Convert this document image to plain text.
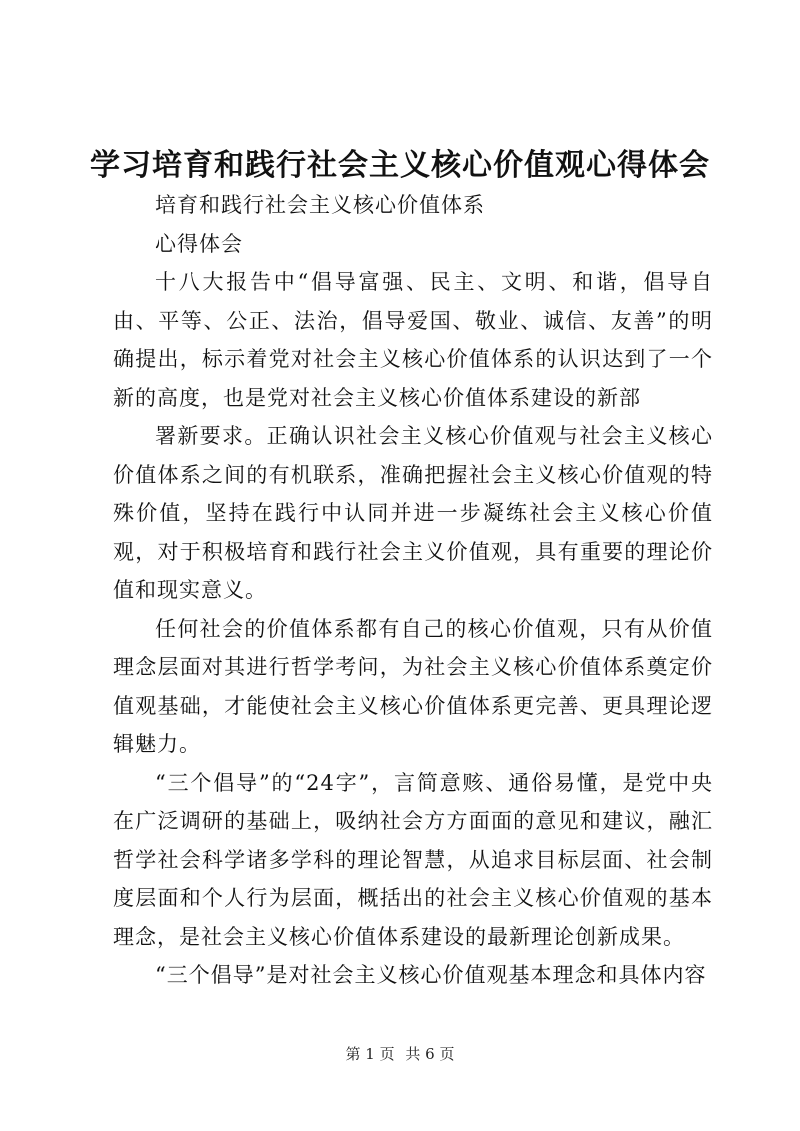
学习培育和践行社会主义核心价值观心得体会

培育和践行社会主义核心价值体系

心得体会

十八大报告中“倡导富强、民主、文明、和谐，倡导自由、平等、公正、法治，倡导爱国、敬业、诚信、友善”的明确提出，标示着党对社会主义核心价值体系的认识达到了一个新的高度，也是党对社会主义核心价值体系建设的新部

署新要求。正确认识社会主义核心价值观与社会主义核心价值体系之间的有机联系，准确把握社会主义核心价值观的特殊价值，坚持在践行中认同并进一步凝练社会主义核心价值观，对于积极培育和践行社会主义价值观，具有重要的理论价值和现实意义。

任何社会的价值体系都有自己的核心价值观，只有从价值理念层面对其进行哲学考问，为社会主义核心价值体系奠定价值观基础，才能使社会主义核心价值体系更完善、更具理论逻辑魅力。

“三个倡导”的“24字”，言简意赅、通俗易懂，是党中央在广泛调研的基础上，吸纳社会方方面面的意见和建议，融汇哲学社会科学诸多学科的理论智慧，从追求目标层面、社会制度层面和个人行为层面，概括出的社会主义核心价值观的基本理念，是社会主义核心价值体系建设的最新理论创新成果。

“三个倡导”是对社会主义核心价值观基本理念和具体内容

第 1 页 共 6 页
